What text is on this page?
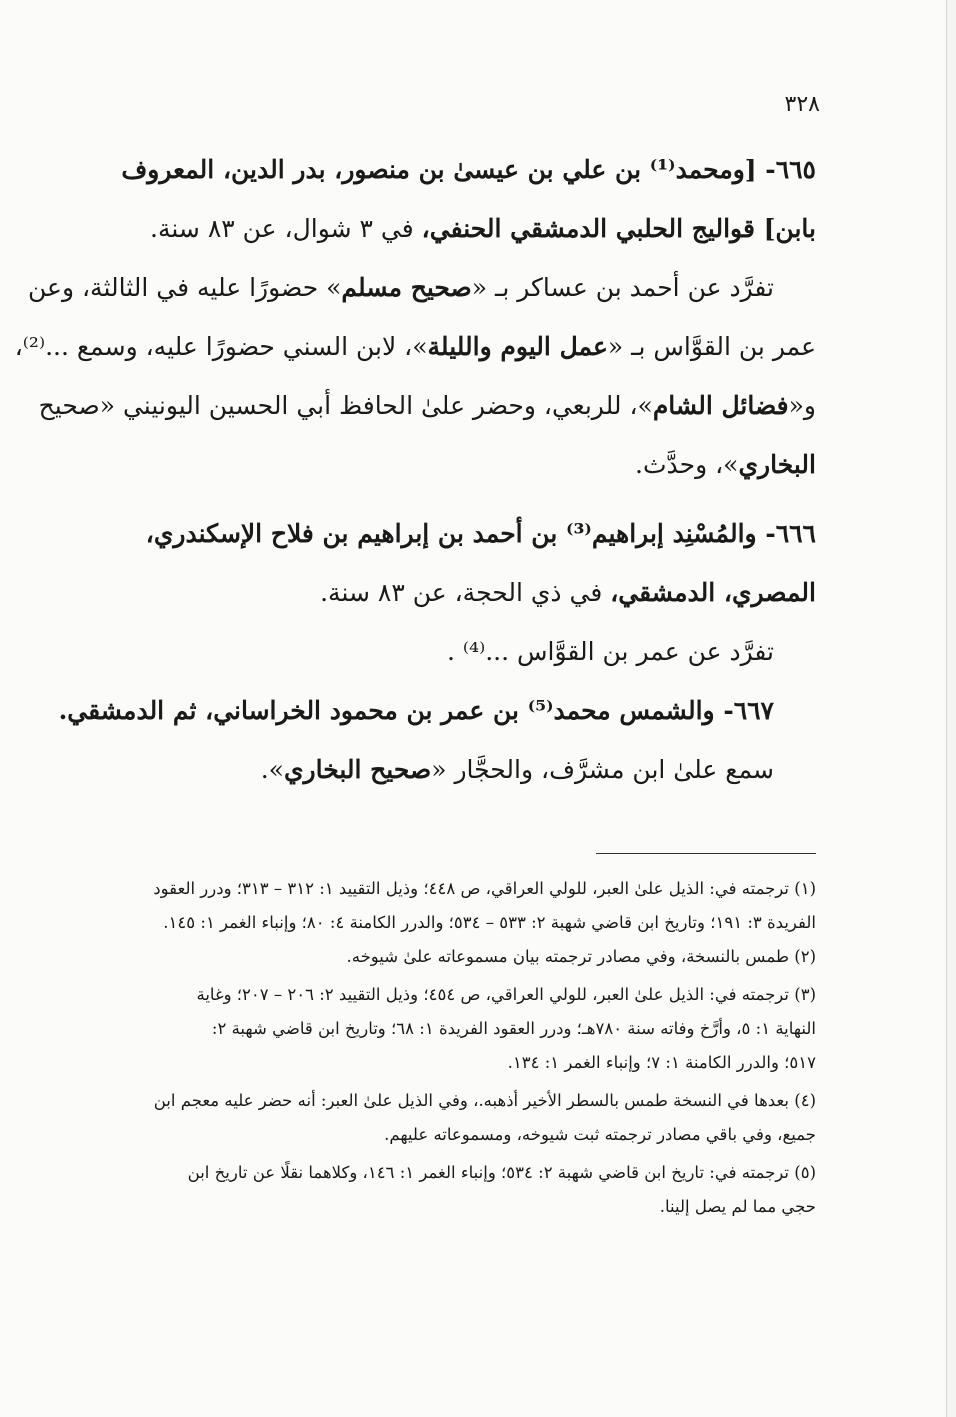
٣٢٨
٦٦٥- [ومحمد⁽¹⁾ بن علي بن عيسىٰ بن منصور، بدر الدين، المعروف
بابن] قواليج الحلبي الدمشقي الحنفي، في ٣ شوال، عن ٨٣ سنة.
تفرَّد عن أحمد بن عساكر بـ «صحيح مسلم» حضورًا عليه في الثالثة، وعن
عمر بن القوَّاس بـ «عمل اليوم والليلة»، لابن السني حضورًا عليه، وسمع ...⁽²⁾،
و«فضائل الشام»، للربعي، وحضر علىٰ الحافظ أبي الحسين اليونيني «صحيح
البخاري»، وحدَّث.
٦٦٦- والمُسْنِد إبراهيم⁽³⁾ بن أحمد بن إبراهيم بن فلاح الإسكندري،
المصري، الدمشقي، في ذي الحجة، عن ٨٣ سنة.
تفرَّد عن عمر بن القوَّاس ...⁽⁴⁾ .
٦٦٧- والشمس محمد⁽⁵⁾ بن عمر بن محمود الخراساني، ثم الدمشقي.
سمع علىٰ ابن مشرَّف، والحجَّار «صحيح البخاري».
(١) ترجمته في: الذيل علىٰ العبر، للولي العراقي، ص ٤٤٨؛ وذيل التقييد ١: ٣١٢ – ٣١٣؛ ودرر العقود
الفريدة ٣: ١٩١؛ وتاريخ ابن قاضي شهبة ٢: ٥٣٣ – ٥٣٤؛ والدرر الكامنة ٤: ٨٠؛ وإنباء الغمر ١: ١٤٥.
(٢) طمس بالنسخة، وفي مصادر ترجمته بيان مسموعاته علىٰ شيوخه.
(٣) ترجمته في: الذيل علىٰ العبر، للولي العراقي، ص ٤٥٤؛ وذيل التقييد ٢: ٢٠٦ – ٢٠٧؛ وغاية
النهاية ١: ٥، وأرَّخ وفاته سنة ٧٨٠هـ؛ ودرر العقود الفريدة ١: ٦٨؛ وتاريخ ابن قاضي شهبة ٢:
٥١٧؛ والدرر الكامنة ١: ٧؛ وإنباء الغمر ١: ١٣٤.
(٤) بعدها في النسخة طمس بالسطر الأخير أذهبه.، وفي الذيل علىٰ العبر: أنه حضر عليه معجم ابن
جميع، وفي باقي مصادر ترجمته ثبت شيوخه، ومسموعاته عليهم.
(٥) ترجمته في: تاريخ ابن قاضي شهبة ٢: ٥٣٤؛ وإنباء الغمر ١: ١٤٦، وكلاهما نقلًا عن تاريخ ابن
حجي مما لم يصل إلينا.
